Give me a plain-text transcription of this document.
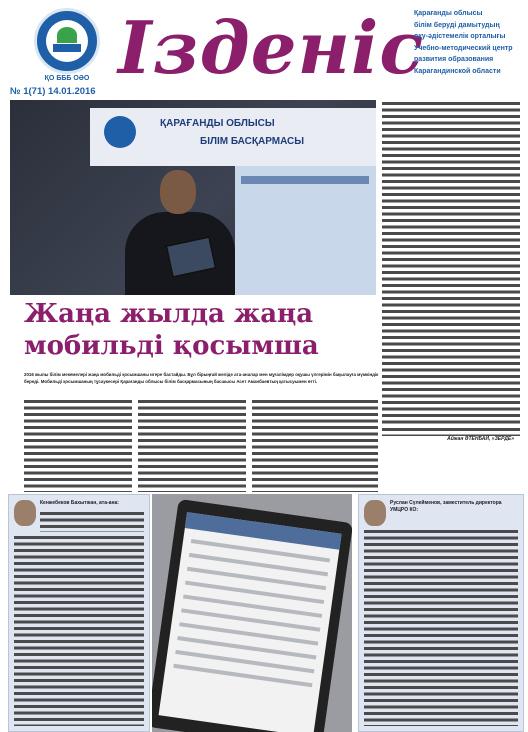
ҚО БББ ОӘО Ізденіс
№ 1(71) 14.01.2016
Қарағанды облысы
білім беруді дамытудың
оқу-әдістемелік орталығы
Учебно-методический центр
развития образования
Карагандинской области
ҚАРАҒАНДЫ ОБЛЫСЫ
БІЛІМ БАСҚАРМАСЫ
Жаңа жылда жаңа мобильді қосымша
2016 жылы білім мекемелері жаңа мобильді қосымшаны игере бастайды. Бұл бірыңғай желіде ата-аналар мен мұғалімдер оқушы үлгерімін бақылауға мүмкіндік береді. Мобильді қосымшаның тұсаукесері Қарағанды облысы білім басқармасының басшысы Асет Аманбаевтың қатысуымен өтті.
Айжан ӘТЕНБАЙ, «ЗЕРДЕ»
Кенжебеков Бахытжан, ата-ана:	Руслан Сүлейменов, заместитель директора УМЦРО КО:
